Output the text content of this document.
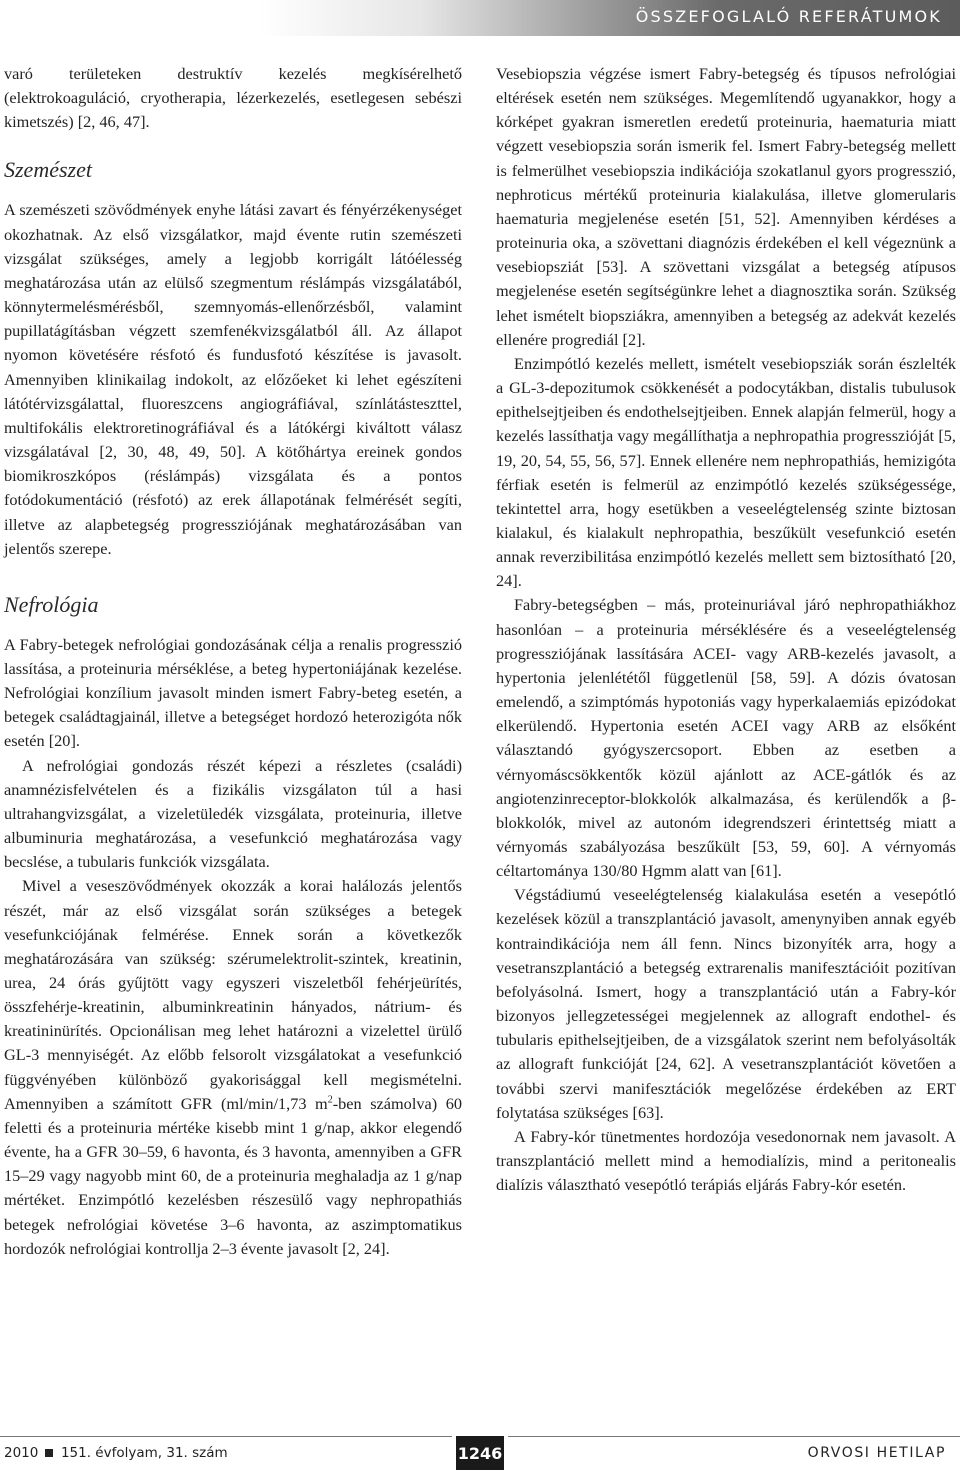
ÖSSZEFOGLALÓ REFERÁTUMOK

varó területeken destruktív kezelés megkísérelhető (elektrokoaguláció, cryotherapia, lézerkezelés, esetlegesen sebészi kimetszés) [2, 46, 47].

Szemészet

A szemészeti szövődmények enyhe látási zavart és fényérzékenységet okozhatnak. Az első vizsgálatkor, majd évente rutin szemészeti vizsgálat szükséges, amely a legjobb korrigált látóélesség meghatározása után az elülső szegmentum réslámpás vizsgálatából, könnytermelésmérésből, szemnyomás-ellenőrzésből, valamint pupillatágításban végzett szemfenékvizsgálatból áll. Az állapot nyomon követésére résfotó és fundusfotó készítése is javasolt. Amennyiben klinikailag indokolt, az előzőeket ki lehet egészíteni látótérvizsgálattal, fluoreszcens angiográfiával, színlátásteszttel, multifokális elektroretinográfiával és a látókérgi kiváltott válasz vizsgálatával [2, 30, 48, 49, 50]. A kötőhártya ereinek gondos biomikroszkópos (réslámpás) vizsgálata és a pontos fotódokumentáció (résfotó) az erek állapotának felmérését segíti, illetve az alapbetegség progressziójának meghatározásában van jelentős szerepe.

Nefrológia

A Fabry-betegek nefrológiai gondozásának célja a renalis progresszió lassítása, a proteinuria mérséklése, a beteg hypertoniájának kezelése. Nefrológiai konzílium javasolt minden ismert Fabry-beteg esetén, a betegek családtagjainál, illetve a betegséget hordozó heterozigóta nők esetén [20].

A nefrológiai gondozás részét képezi a részletes (családi) anamnézisfelvételen és a fizikális vizsgálaton túl a hasi ultrahangvizsgálat, a vizeletüledék vizsgálata, proteinuria, illetve albuminuria meghatározása, a vesefunkció meghatározása vagy becslése, a tubularis funkciók vizsgálata.

Mivel a veseszövődmények okozzák a korai halálozás jelentős részét, már az első vizsgálat során szükséges a betegek vesefunkciójának felmérése. Ennek során a következők meghatározására van szükség: szérumelektrolit-szintek, kreatinin, urea, 24 órás gyűjtött vagy egyszeri viszeletből fehérjeürítés, összfehérje-kreatinin, albuminkreatinin hányados, nátrium- és kreatininürítés. Opcionálisan meg lehet határozni a vizelettel ürülő GL-3 mennyiségét. Az előbb felsorolt vizsgálatokat a vesefunkció függvényében különböző gyakorisággal kell megismételni. Amennyiben a számított GFR (ml/min/1,73 $m^2$-ben számolva) 60 feletti és a proteinuria mértéke kisebb mint 1 g/nap, akkor elegendő évente, ha a GFR 30–59, 6 havonta, és 3 havonta, amennyiben a GFR 15–29 vagy nagyobb mint 60, de a proteinuria meghaladja az 1 g/nap mértéket. Enzimpótló kezelésben részesülő vagy nephropathiás betegek nefrológiai követése 3–6 havonta, az aszimptomatikus hordozók nefrológiai kontrollja 2–3 évente javasolt [2, 24].

Vesebiopszia végzése ismert Fabry-betegség és típusos nefrológiai eltérések esetén nem szükséges. Megemlítendő ugyanakkor, hogy a kórképet gyakran ismeretlen eredetű proteinuria, haematuria miatt végzett vesebiopszia során ismerik fel. Ismert Fabry-betegség mellett is felmerülhet vesebiopszia indikációja szokatlanul gyors progresszió, nephroticus mértékű proteinuria kialakulása, illetve glomerularis haematuria megjelenése esetén [51, 52]. Amennyiben kérdéses a proteinuria oka, a szövettani diagnózis érdekében el kell végeznünk a vesebiopsziát [53]. A szövettani vizsgálat a betegség atípusos megjelenése esetén segítségünkre lehet a diagnosztika során. Szükség lehet ismételt biopsziákra, amennyiben a betegség az adekvát kezelés ellenére progrediál [2].

Enzimpótló kezelés mellett, ismételt vesebiopsziák során észlelték a GL-3-depozitumok csökkenését a podocytákban, distalis tubulusok epithelsejtjeiben és endothelsejtjeiben. Ennek alapján felmerül, hogy a kezelés lassíthatja vagy megállíthatja a nephropathia progresszióját [5, 19, 20, 54, 55, 56, 57]. Ennek ellenére nem nephropathiás, hemizigóta férfiak esetén is felmerül az enzimpótló kezelés szükségessége, tekintettel arra, hogy esetükben a veseelégtelenség szinte biztosan kialakul, és kialakult nephropathia, beszűkült vesefunkció esetén annak reverzibilitása enzimpótló kezelés mellett sem biztosítható [20, 24].

Fabry-betegségben – más, proteinuriával járó nephropathiákhoz hasonlóan – a proteinuria mérséklésére és a veseelégtelenség progressziójának lassítására ACEI- vagy ARB-kezelés javasolt, a hypertonia jelenlététől függetlenül [58, 59]. A dózis óvatosan emelendő, a szimptómás hypotoniás vagy hyperkalaemiás epizódokat elkerülendő. Hypertonia esetén ACEI vagy ARB az elsőként választandó gyógyszercsoport. Ebben az esetben a vérnyomáscsökkentők közül ajánlott az ACE-gátlók és az angiotenzinreceptor-blokkolók alkalmazása, és kerülendők a β-blokkolók, mivel az autonóm idegrendszeri érintettség miatt a vérnyomás szabályozása beszűkült [53, 59, 60]. A vérnyomás céltartománya 130/80 Hgmm alatt van [61].

Végstádiumú veseelégtelenség kialakulása esetén a vesepótló kezelések közül a transzplantáció javasolt, amenynyiben annak egyéb kontraindikációja nem áll fenn. Nincs bizonyíték arra, hogy a vesetranszplantáció a betegség extrarenalis manifesztációit pozitívan befolyásolná. Ismert, hogy a transzplantáció után a Fabry-kór bizonyos jellegzetességei megjelennek az allograft endothel- és tubularis epithelsejtjeiben, de a vizsgálatok szerint nem befolyásolták az allograft funkcióját [24, 62]. A vesetranszplantációt követően a további szervi manifesztációk megelőzése érdekében az ERT folytatása szükséges [63].

A Fabry-kór tünetmentes hordozója vesedonornak nem javasolt. A transzplantáció mellett mind a hemodialízis, mind a peritonealis dialízis választható vesepótló terápiás eljárás Fabry-kór esetén.

2010 151. évfolyam, 31. szám	1246	ORVOSI HETILAP
